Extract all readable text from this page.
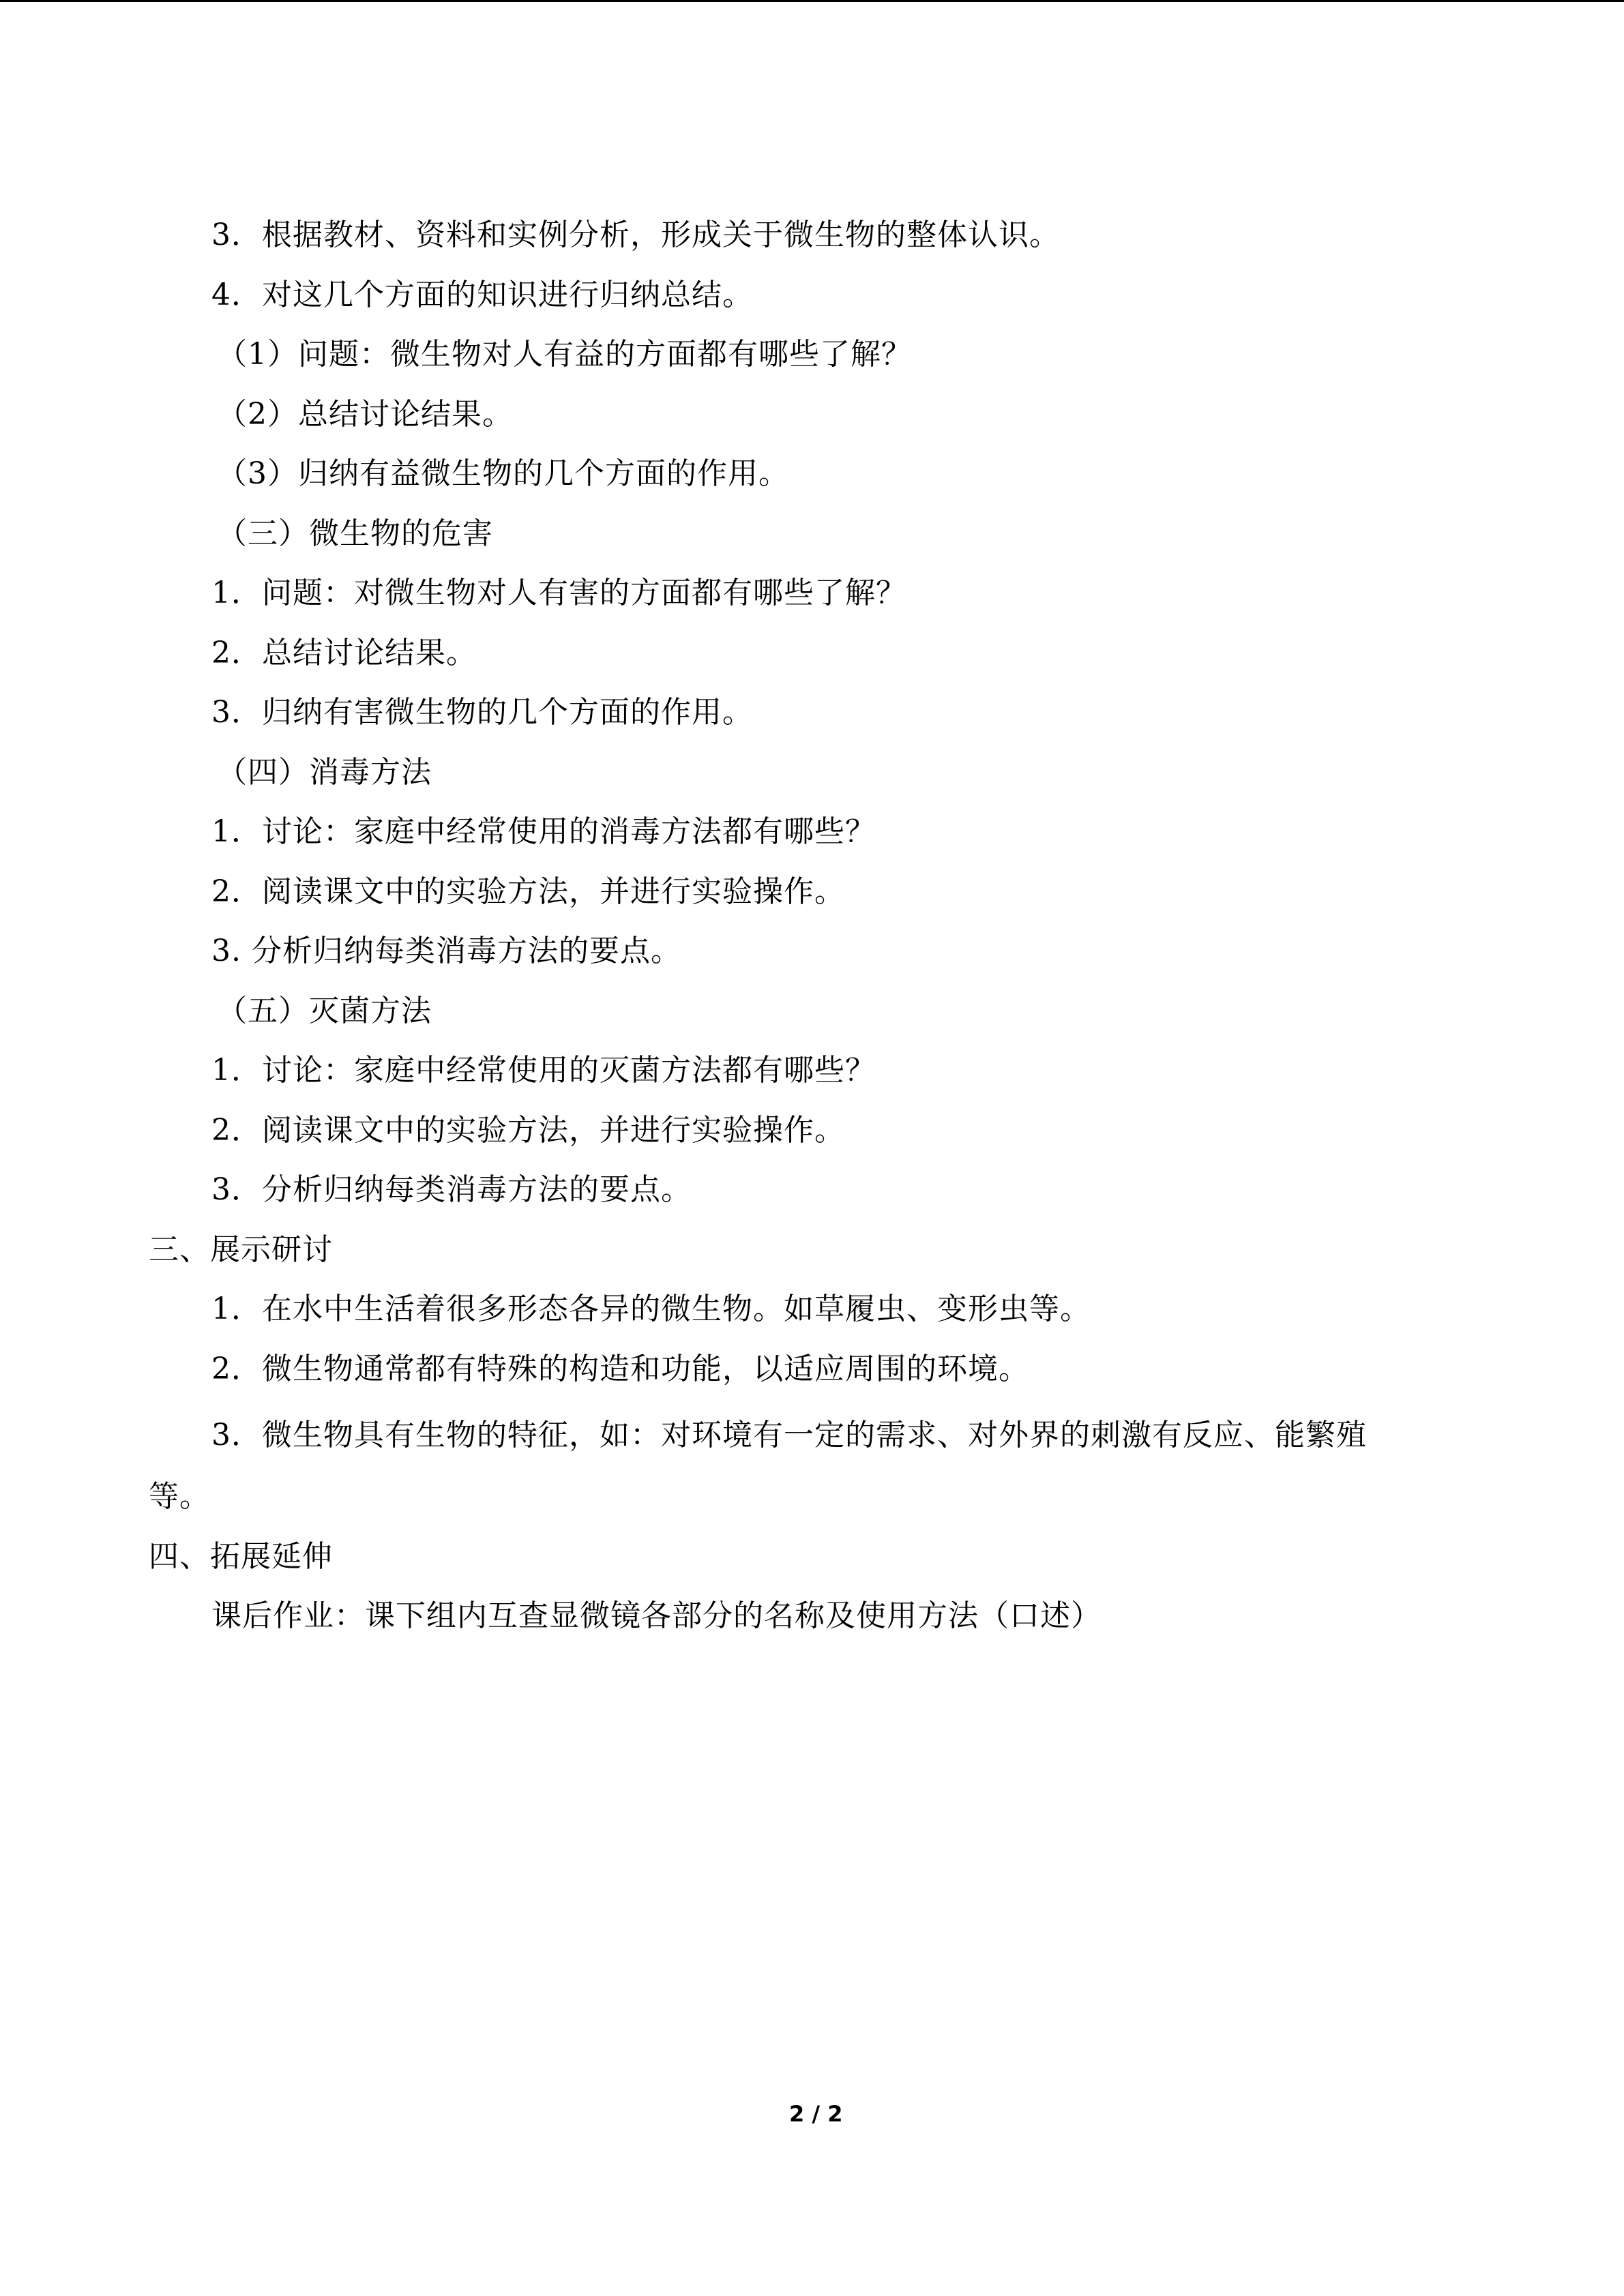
3．根据教材、资料和实例分析，形成关于微生物的整体认识。
4．对这几个方面的知识进行归纳总结。
（1）问题：微生物对人有益的方面都有哪些了解？
（2）总结讨论结果。
（3）归纳有益微生物的几个方面的作用。
（三）微生物的危害
1．问题：对微生物对人有害的方面都有哪些了解？
2．总结讨论结果。
3．归纳有害微生物的几个方面的作用。
（四）消毒方法
1．讨论：家庭中经常使用的消毒方法都有哪些？
2．阅读课文中的实验方法，并进行实验操作。
3. 分析归纳每类消毒方法的要点。
（五）灭菌方法
1．讨论：家庭中经常使用的灭菌方法都有哪些？
2．阅读课文中的实验方法，并进行实验操作。
3．分析归纳每类消毒方法的要点。
三、展示研讨
1．在水中生活着很多形态各异的微生物。如草履虫、变形虫等。
2．微生物通常都有特殊的构造和功能，以适应周围的环境。
3．微生物具有生物的特征，如：对环境有一定的需求、对外界的刺激有反应、能繁殖
等。
四、拓展延伸
课后作业：课下组内互查显微镜各部分的名称及使用方法（口述）
2 / 2
